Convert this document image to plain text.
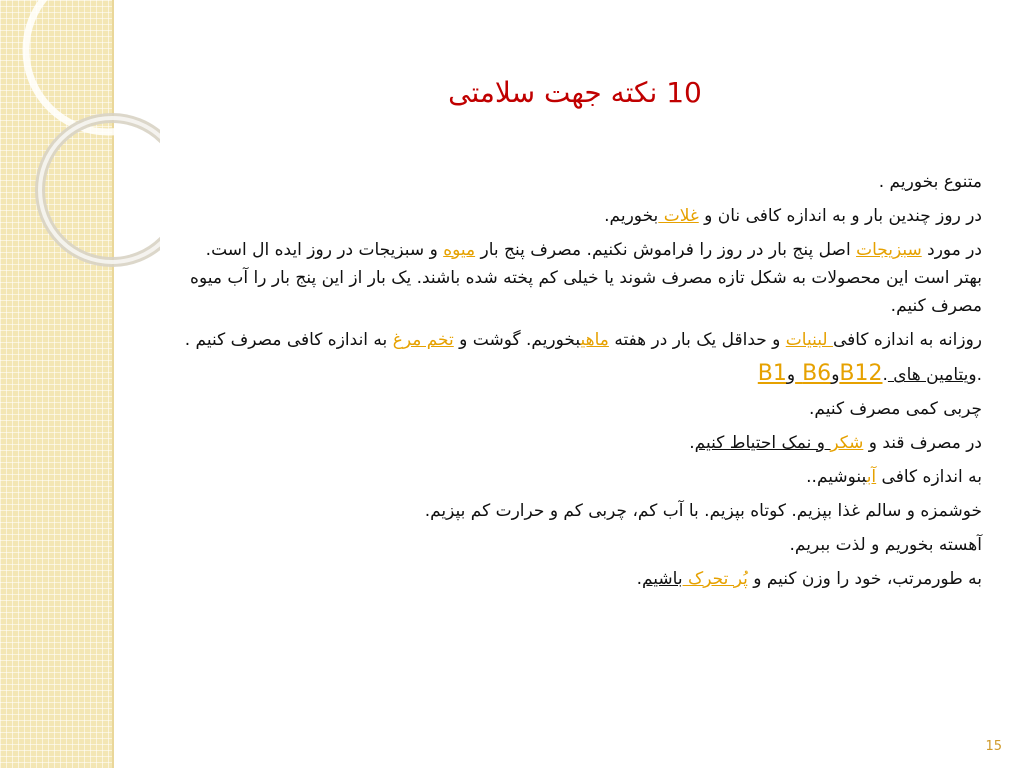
10 نکته جهت سلامتی

متنوع بخوریم .

در روز چندین بار و به اندازه کافی نان و غلات بخوریم.

در مورد سبزیجات اصل پنج بار در روز را فراموش نکنیم. مصرف پنج بار میوه و سبزیجات در روز ایده ال است. بهتر است این محصولات به شکل تازه مصرف شوند یا خیلی کم پخته شده باشند. یک بار از این پنج بار را آب میوه مصرف کنیم.

روزانه به اندازه کافی لبنیات و حداقل یک بار در هفته ماهیبخوریم. گوشت و تخم مرغ به اندازه کافی مصرف کنیم .

.ویتامین های .B12وB6 وB1

چربی کمی مصرف کنیم.

در مصرف قند و شکر و نمک احتیاط کنیم.

به اندازه کافی آببنوشیم..

خوشمزه و سالم غذا بپزیم. کوتاه بپزیم. با آب کم، چربی کم و حرارت کم بپزیم.

آهسته بخوریم و لذت ببریم.

به طورمرتب، خود را وزن کنیم و پُر تحرک باشیم.

15
